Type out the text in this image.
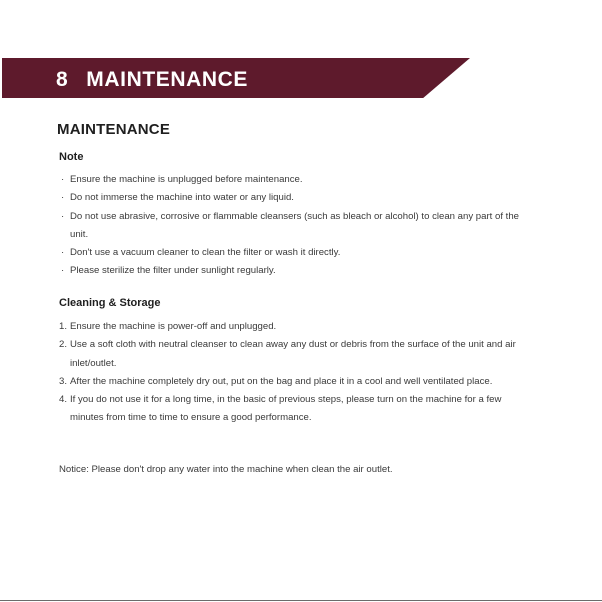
8 MAINTENANCE
MAINTENANCE
Note
· Ensure the machine is unplugged before maintenance.
· Do not immerse the machine into water or any liquid.
· Do not use abrasive, corrosive or flammable cleansers (such as bleach or alcohol) to clean any part of the unit.
· Don't use a vacuum cleaner to clean the filter or wash it directly.
· Please sterilize the filter under sunlight regularly.
Cleaning & Storage
1. Ensure the machine is power-off and unplugged.
2. Use a soft cloth with neutral cleanser to clean away any dust or debris from the surface of the unit and air inlet/outlet.
3. After the machine completely dry out, put on the bag and place it in a cool and well ventilated place.
4. If you do not use it for a long time, in the basic of previous steps, please turn on the machine for a few minutes from time to time to ensure a good performance.
Notice: Please don't drop any water into the machine when clean the air outlet.
